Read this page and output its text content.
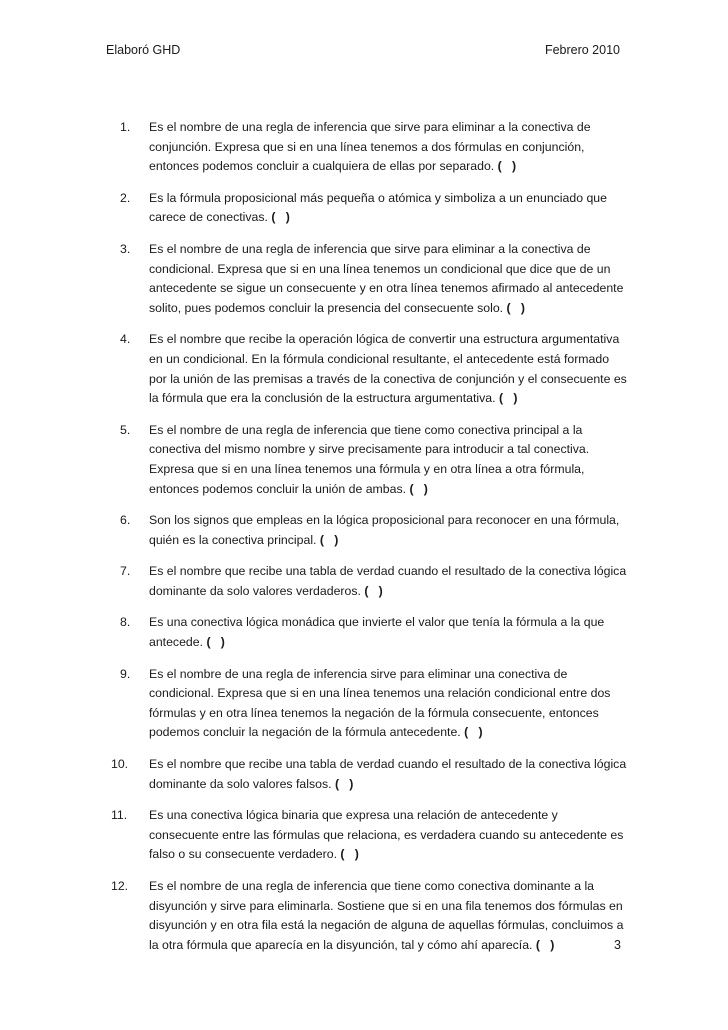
Elaboró GHD	Febrero 2010
1.	Es el nombre de una regla de inferencia que sirve para eliminar a la conectiva de conjunción. Expresa que si en una línea tenemos a dos fórmulas en conjunción, entonces podemos concluir a cualquiera de ellas por separado. (   )
2.	Es la fórmula proposicional más pequeña o atómica y simboliza a un enunciado que carece de conectivas. (   )
3.	Es el nombre de una regla de inferencia que sirve para eliminar a la conectiva de condicional. Expresa que si en una línea tenemos un condicional que dice que de un antecedente se sigue un consecuente y en otra línea tenemos afirmado al antecedente solito, pues podemos concluir la presencia del consecuente solo. (   )
4.	Es el nombre que recibe la operación lógica de convertir una estructura argumentativa en un condicional. En la fórmula condicional resultante, el antecedente está formado por la unión de las premisas a través de la conectiva de conjunción y el consecuente es la fórmula que era la conclusión de la estructura argumentativa. (   )
5.	Es el nombre de una regla de inferencia que tiene como conectiva principal a la conectiva del mismo nombre y sirve precisamente para introducir a tal conectiva. Expresa que si en una línea tenemos una fórmula y en otra línea a otra fórmula, entonces podemos concluir la unión de ambas. (   )
6.	Son los signos que empleas en la lógica proposicional para reconocer en una fórmula, quién es la conectiva principal. (   )
7.	Es el nombre que recibe una tabla de verdad cuando el resultado de la conectiva lógica dominante da solo valores verdaderos. (   )
8.	Es una conectiva lógica monádica que invierte el valor que tenía la fórmula a la que antecede. (   )
9.	Es el nombre de una regla de inferencia sirve para eliminar una conectiva de condicional. Expresa que si en una línea tenemos una relación condicional entre dos fórmulas y en otra línea tenemos la negación de la fórmula consecuente, entonces podemos concluir la negación de la fórmula antecedente. (   )
10.	Es el nombre que recibe una tabla de verdad cuando el resultado de la conectiva lógica dominante da solo valores falsos. (   )
11.	Es una conectiva lógica binaria que expresa una relación de antecedente y consecuente entre las fórmulas que relaciona, es verdadera cuando su antecedente es falso o su consecuente verdadero. (   )
12.	Es el nombre de una regla de inferencia que tiene como conectiva dominante a la disyunción y sirve para eliminarla. Sostiene que si en una fila tenemos dos fórmulas en disyunción y en otra fila está la negación de alguna de aquellas fórmulas, concluimos a la otra fórmula que aparecía en la disyunción, tal y cómo ahí aparecía. (   )	3
